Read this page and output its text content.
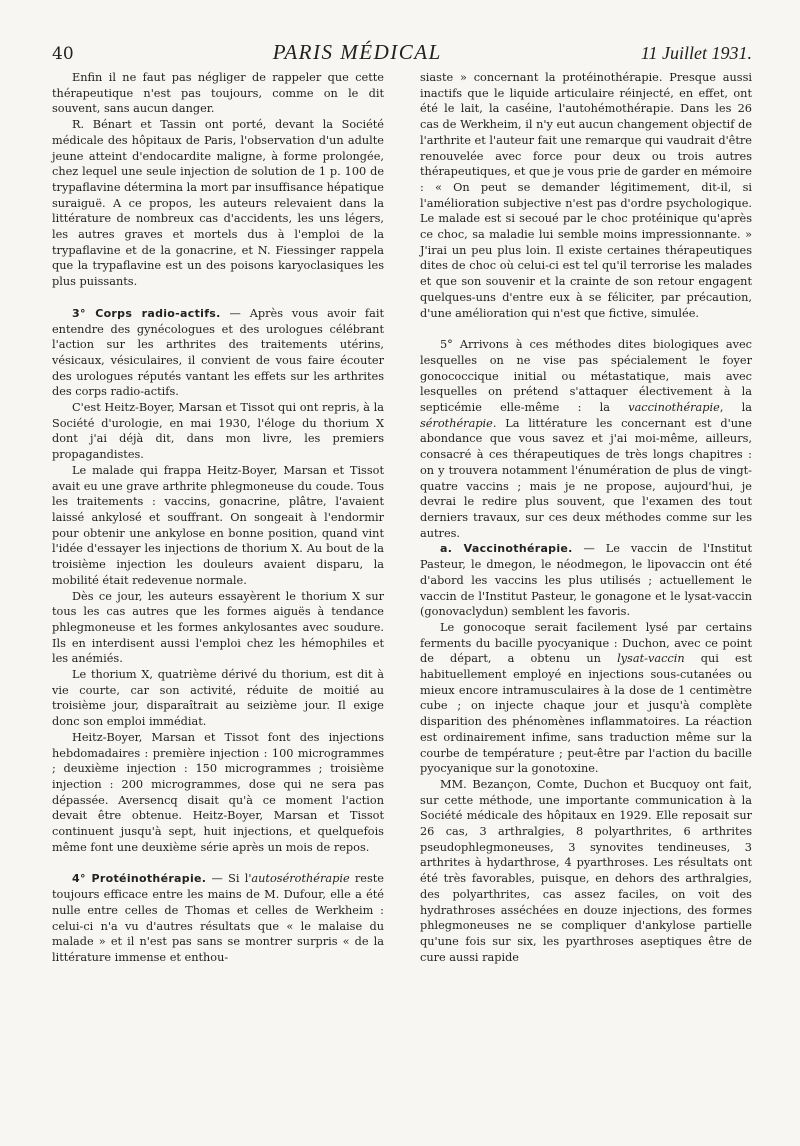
40	PARIS MÉDICAL	11 Juillet 1931.

Enfin il ne faut pas négliger de rappeler que cette thérapeutique n'est pas toujours, comme on le dit souvent, sans aucun danger.

R. Bénart et Tassin ont porté, devant la Société médicale des hôpitaux de Paris, l'observation d'un adulte jeune atteint d'endocardite maligne, à forme prolongée, chez lequel une seule injection de solution de 1 p. 100 de trypaflavine détermina la mort par insuffisance hépatique suraiguë. A ce propos, les auteurs relevaient dans la littérature de nombreux cas d'accidents, les uns légers, les autres graves et mortels dus à l'emploi de la trypaflavine et de la gonacrine, et N. Fiessinger rappela que la trypaflavine est un des poisons karyoclasiques les plus puissants.

3° Corps radio-actifs. — Après vous avoir fait entendre des gynécologues et des urologues célébrant l'action sur les arthrites des traitements utérins, vésicaux, vésiculaires, il convient de vous faire écouter des urologues réputés vantant les effets sur les arthrites des corps radio-actifs.

C'est Heitz-Boyer, Marsan et Tissot qui ont repris, à la Société d'urologie, en mai 1930, l'éloge du thorium X dont j'ai déjà dit, dans mon livre, les premiers propagandistes.

Le malade qui frappa Heitz-Boyer, Marsan et Tissot avait eu une grave arthrite phlegmoneuse du coude. Tous les traitements : vaccins, gonacrine, plâtre, l'avaient laissé ankylosé et souffrant. On songeait à l'endormir pour obtenir une ankylose en bonne position, quand vint l'idée d'essayer les injections de thorium X. Au bout de la troisième injection les douleurs avaient disparu, la mobilité était redevenue normale.

Dès ce jour, les auteurs essayèrent le thorium X sur tous les cas autres que les formes aiguës à tendance phlegmoneuse et les formes ankylosantes avec soudure. Ils en interdisent aussi l'emploi chez les hémophiles et les anémiés.

Le thorium X, quatrième dérivé du thorium, est dit à vie courte, car son activité, réduite de moitié au troisième jour, disparaîtrait au seizième jour. Il exige donc son emploi immédiat.

Heitz-Boyer, Marsan et Tissot font des injections hebdomadaires : première injection : 100 microgrammes ; deuxième injection : 150 microgrammes ; troisième injection : 200 microgrammes, dose qui ne sera pas dépassée. Aversencq disait qu'à ce moment l'action devait être obtenue. Heitz-Boyer, Marsan et Tissot continuent jusqu'à sept, huit injections, et quelquefois même font une deuxième série après un mois de repos.

4° Protéinothérapie. — Si l'autosérothérapie reste toujours efficace entre les mains de M. Dufour, elle a été nulle entre celles de Thomas et celles de Werkheim : celui-ci n'a vu d'autres résultats que « le malaise du malade » et il n'est pas sans se montrer surpris « de la littérature immense et enthou-

siaste » concernant la protéinothérapie. Presque aussi inactifs que le liquide articulaire réinjecté, en effet, ont été le lait, la caséine, l'autohémothérapie. Dans les 26 cas de Werkheim, il n'y eut aucun changement objectif de l'arthrite et l'auteur fait une remarque qui vaudrait d'être renouvelée avec force pour deux ou trois autres thérapeutiques, et que je vous prie de garder en mémoire : « On peut se demander légitimement, dit-il, si l'amélioration subjective n'est pas d'ordre psychologique. Le malade est si secoué par le choc protéinique qu'après ce choc, sa maladie lui semble moins impressionnante. » J'irai un peu plus loin. Il existe certaines thérapeutiques dites de choc où celui-ci est tel qu'il terrorise les malades et que son souvenir et la crainte de son retour engagent quelques-uns d'entre eux à se féliciter, par précaution, d'une amélioration qui n'est que fictive, simulée.

5° Arrivons à ces méthodes dites biologiques avec lesquelles on ne vise pas spécialement le foyer gonococcique initial ou métastatique, mais avec lesquelles on prétend s'attaquer électivement à la septicémie elle-même : la vaccinothérapie, la sérothérapie. La littérature les concernant est d'une abondance que vous savez et j'ai moi-même, ailleurs, consacré à ces thérapeutiques de très longs chapitres : on y trouvera notamment l'énumération de plus de vingt-quatre vaccins ; mais je ne propose, aujourd'hui, je devrai le redire plus souvent, que l'examen des tout derniers travaux, sur ces deux méthodes comme sur les autres.

a. Vaccinothérapie. — Le vaccin de l'Institut Pasteur, le dmegon, le néodmegon, le lipovaccin ont été d'abord les vaccins les plus utilisés ; actuellement le vaccin de l'Institut Pasteur, le gonagone et le lysat-vaccin (gonovaclydun) semblent les favoris.

Le gonocoque serait facilement lysé par certains ferments du bacille pyocyanique : Duchon, avec ce point de départ, a obtenu un lysat-vaccin qui est habituellement employé en injections sous-cutanées ou mieux encore intramusculaires à la dose de 1 centimètre cube ; on injecte chaque jour et jusqu'à complète disparition des phénomènes inflammatoires. La réaction est ordinairement infime, sans traduction même sur la courbe de température ; peut-être par l'action du bacille pyocyanique sur la gonotoxine.

MM. Bezançon, Comte, Duchon et Bucquoy ont fait, sur cette méthode, une importante communication à la Société médicale des hôpitaux en 1929. Elle reposait sur 26 cas, 3 arthralgies, 8 polyarthrites, 6 arthrites pseudophlegmoneuses, 3 synovites tendineuses, 3 arthrites à hydarthrose, 4 pyarthroses. Les résultats ont été très favorables, puisque, en dehors des arthralgies, des polyarthrites, cas assez faciles, on voit des hydrathroses asséchées en douze injections, des formes phlegmoneuses ne se compliquer d'ankylose partielle qu'une fois sur six, les pyarthroses aseptiques être de cure aussi rapide
